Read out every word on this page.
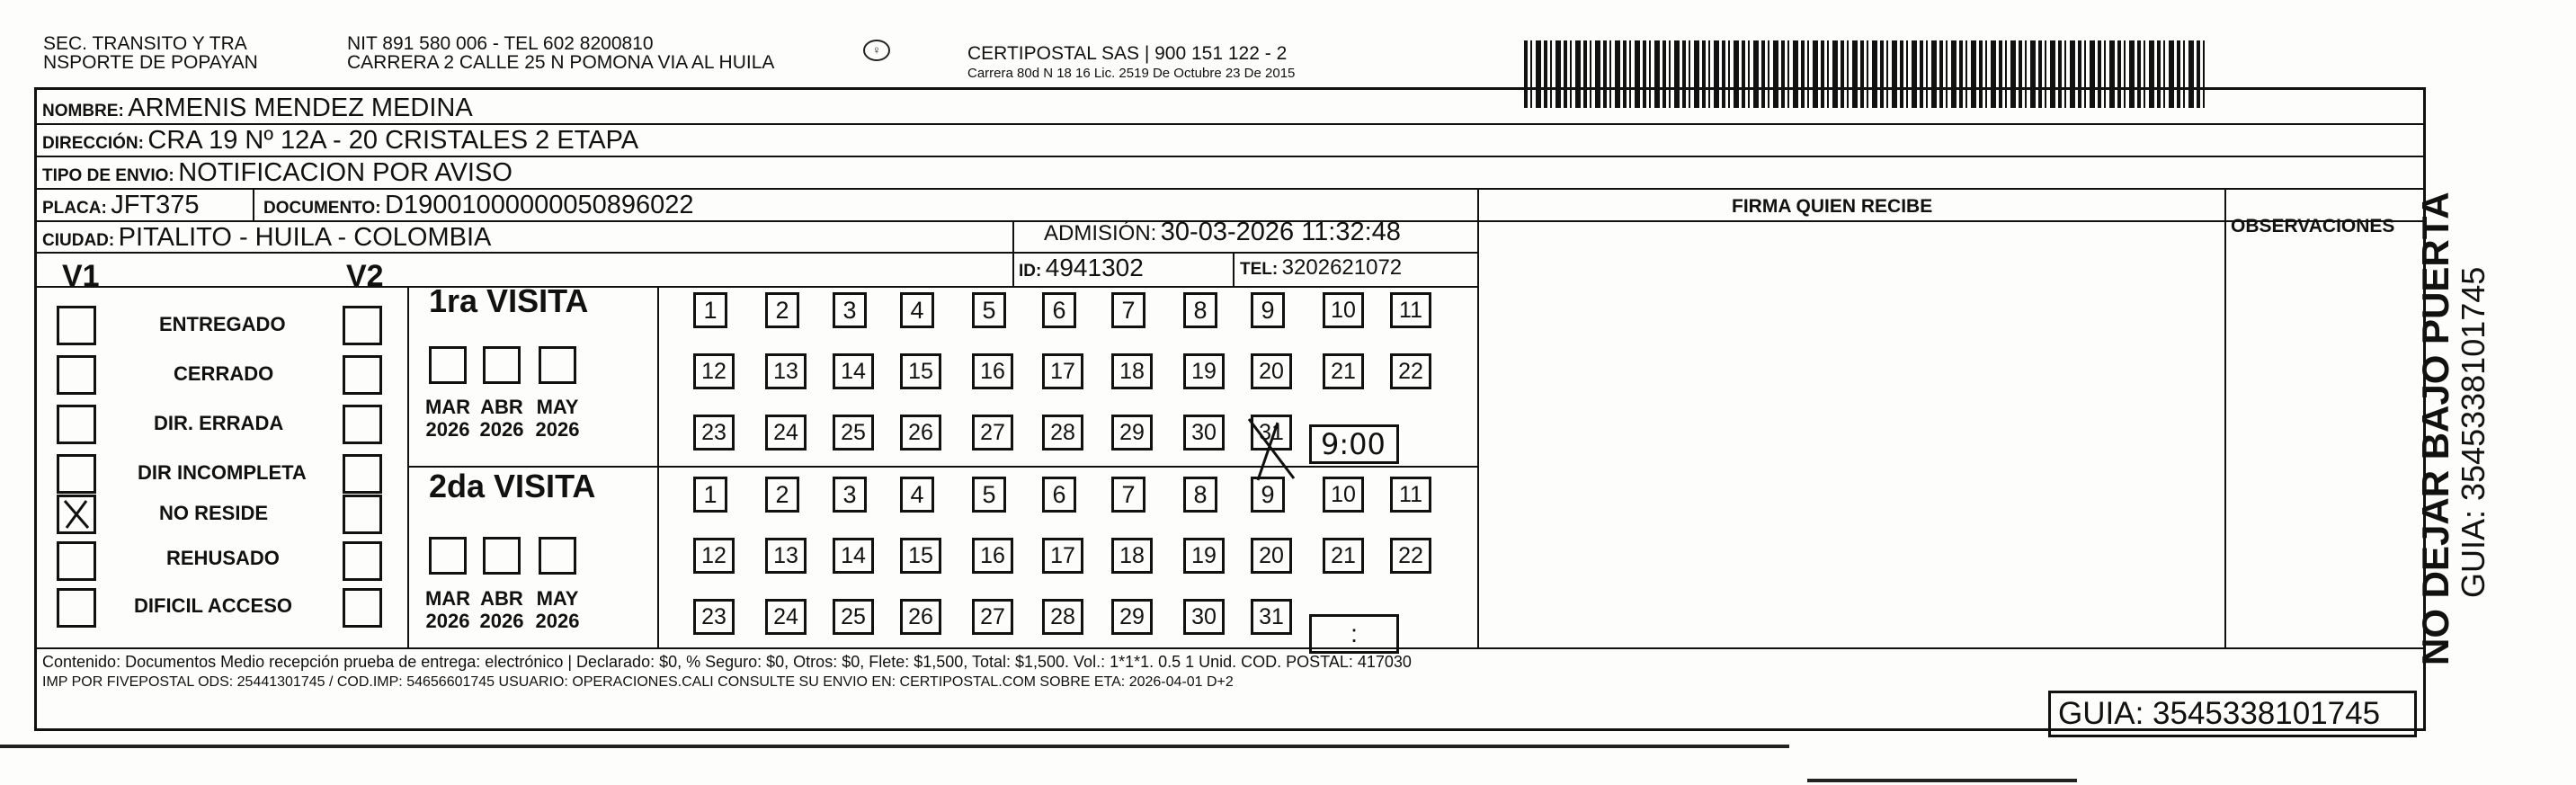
SEC. TRANSITO Y TRA
NSPORTE DE POPAYAN
NIT 891 580 006 - TEL 602 8200810
CARRERA 2 CALLE 25 N POMONA VIA AL HUILA
♀	CERTIPOSTAL SAS | 900 151 122 - 2
Carrera 80d N 18 16 Lic. 2519 De Octubre 23 De 2015
NOMBRE: ARMENIS MENDEZ MEDINA
DIRECCIÓN: CRA 19 Nº 12A - 20 CRISTALES 2 ETAPA
TIPO DE ENVIO: NOTIFICACION POR AVISO
PLACA: JFT375	DOCUMENTO: D19001000000050896022
ADMISIÓN: 30-03-2026 11:32:48
CIUDAD: PITALITO - HUILA - COLOMBIA
ID: 4941302	TEL: 3202621072
FIRMA QUIEN RECIBE
OBSERVACIONES
V1	V2
ENTREGADO
CERRADO
DIR. ERRADA
DIR INCOMPLETA
NO RESIDE
REHUSADO
DIFICIL ACCESO
1ra VISITA
MAR
2026
ABR
2026
MAY
2026
1	2	3	4	5	6	7	8	9	10	11
12	13	14	15	16	17	18	19	20	21	22
23	24	25	26	27	28	29	30	31	9:00
2da VISITA
MAR
2026
ABR
2026
MAY
2026
1	2	3	4	5	6	7	8	9	10	11
12	13	14	15	16	17	18	19	20	21	22
23	24	25	26	27	28	29	30	31
:
Contenido: Documentos Medio recepción prueba de entrega: electrónico | Declarado: $0, % Seguro: $0, Otros: $0, Flete: $1,500, Total: $1,500. Vol.: 1*1*1. 0.5 1 Unid. COD. POSTAL: 417030
IMP POR FIVEPOSTAL ODS: 25441301745 / COD.IMP: 54656601745 USUARIO: OPERACIONES.CALI CONSULTE SU ENVIO EN: CERTIPOSTAL.COM SOBRE ETA: 2026-04-01 D+2
GUIA: 3545338101745
NO DEJAR BAJO PUERTA
GUIA: 3545338101745
